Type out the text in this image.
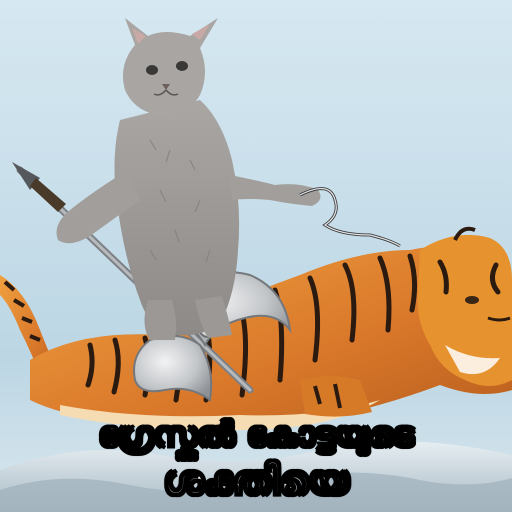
ഗ്രേസ്കൽ കോട്ടയുടെ

ശക്തിയെ
